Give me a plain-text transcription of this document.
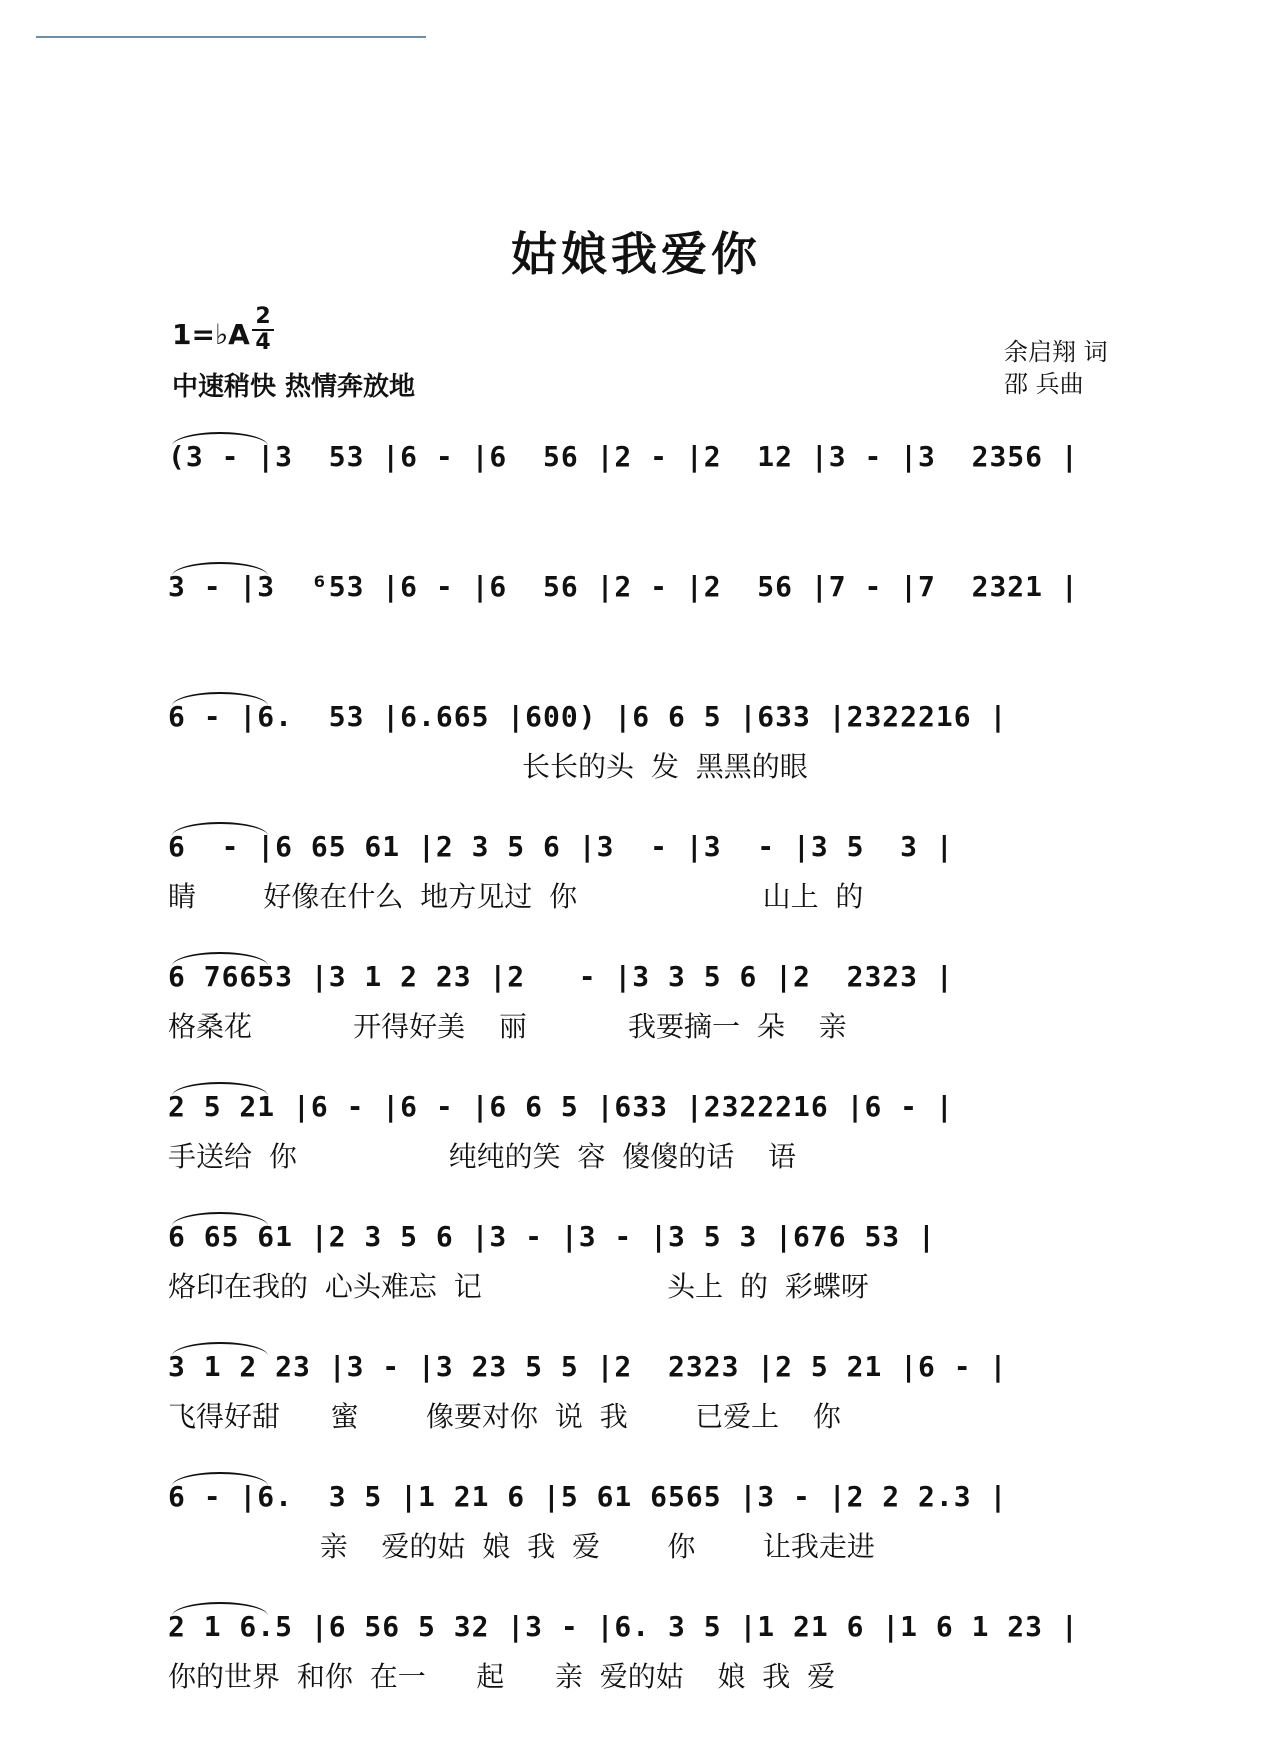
姑娘我爱你
1=♭A
2
4
中速稍快 热情奔放地
余启翔 词
邵 兵曲
(3 - |3  53 |6 - |6  56 |2 - |2  12 |3 - |3  2356 |
3 - |3  ⁶53 |6 - |6  56 |2 - |2  56 |7 - |7  2321 |
6 - |6.  53 |6.665 |600) |6 6 5 |633 |2322216 |
长长的头 发 黑黑的眼
6  - |6 65 61 |2 3 5 6 |3  - |3  - |3 5  3 |
睛    好像在什么 地方见过 你           山上 的
6 76653 |3 1 2 23 |2   - |3 3 5 6 |2  2323 |
格桑花      开得好美  丽      我要摘一 朵  亲
2 5 21 |6 - |6 - |6 6 5 |633 |2322216 |6 - |
手送给 你         纯纯的笑 容 傻傻的话  语
6 65 61 |2 3 5 6 |3 - |3 - |3 5 3 |676 53 |
烙印在我的 心头难忘 记           头上 的 彩蝶呀
3 1 2 23 |3 - |3 23 5 5 |2  2323 |2 5 21 |6 - |
飞得好甜   蜜    像要对你 说 我    已爱上  你
6 - |6.  3 5 |1 21 6 |5 61 6565 |3 - |2 2 2.3 |
亲  爱的姑 娘 我 爱    你    让我走进
2 1 6.5 |6 56 5 32 |3 - |6. 3 5 |1 21 6 |1 6 1 23 |
你的世界 和你 在一   起   亲 爱的姑  娘 我 爱
